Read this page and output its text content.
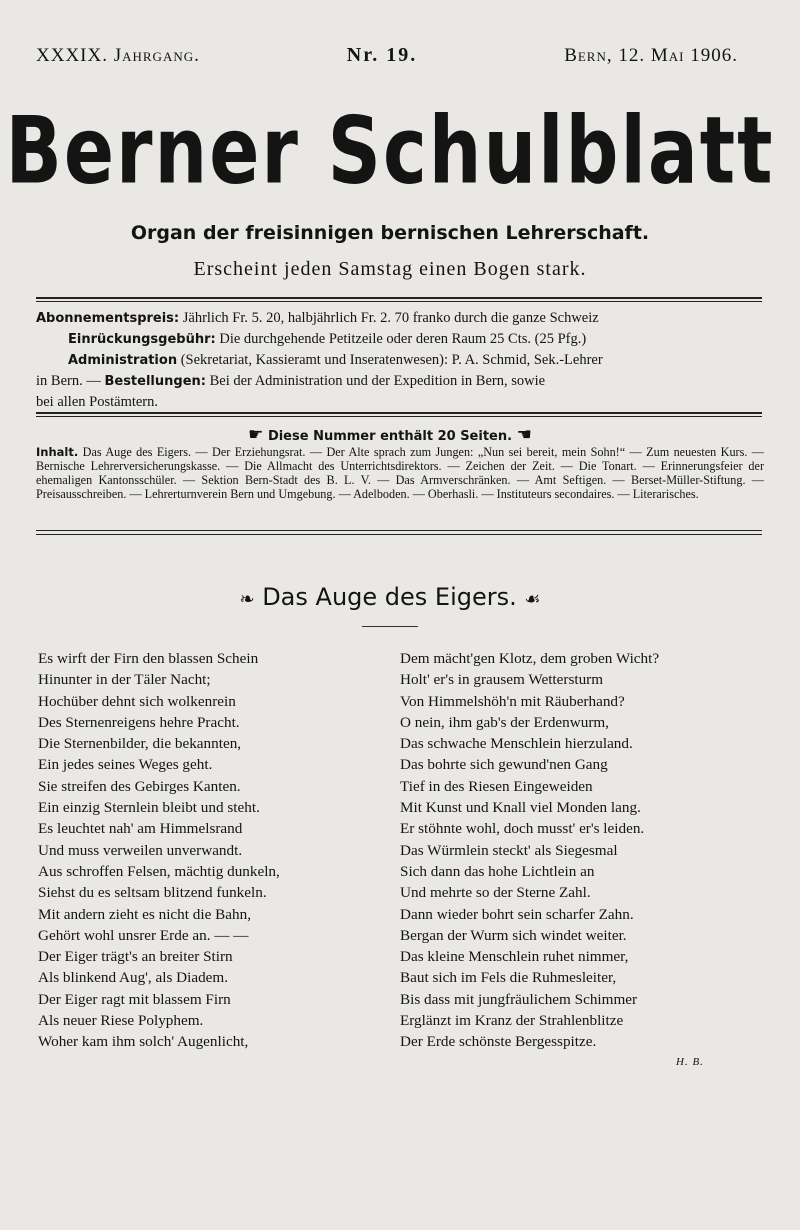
XXXIX. Jahrgang.	Nr. 19.	Bern, 12. Mai 1906.
Berner Schulblatt
Organ der freisinnigen bernischen Lehrerschaft.
Erscheint jeden Samstag einen Bogen stark.

Abonnementspreis: Jährlich Fr. 5. 20, halbjährlich Fr. 2. 70 franko durch die ganze Schweiz

Einrückungsgebühr: Die durchgehende Petitzeile oder deren Raum 25 Cts. (25 Pfg.)

Administration (Sekretariat, Kassieramt und Inseratenwesen): P. A. Schmid, Sek.-Lehrer

in Bern. — Bestellungen: Bei der Administration und der Expedition in Bern, sowie

bei allen Postämtern.

☛ Diese Nummer enthält 20 Seiten. ☚
Inhalt. Das Auge des Eigers. — Der Erziehungsrat. — Der Alte sprach zum Jungen: „Nun sei bereit, mein Sohn!“ — Zum neuesten Kurs. — Bernische Lehrerversicherungskasse. — Die Allmacht des Unterrichtsdirektors. — Zeichen der Zeit. — Die Tonart. — Erinnerungsfeier der ehemaligen Kantonsschüler. — Sektion Bern-Stadt des B. L. V. — Das Armverschränken. — Amt Seftigen. — Berset-Müller-Stiftung. — Preisausschreiben. — Lehrerturnverein Bern und Umgebung. — Adelboden. — Oberhasli. — Instituteurs secondaires. — Literarisches.
❧ Das Auge des Eigers. ☙
Es wirft der Firn den blassen Schein
Hinunter in der Täler Nacht;
Hochüber dehnt sich wolkenrein
Des Sternenreigens hehre Pracht.
Die Sternenbilder, die bekannten,
Ein jedes seines Weges geht.
Sie streifen des Gebirges Kanten.
Ein einzig Sternlein bleibt und steht.
Es leuchtet nah' am Himmelsrand
Und muss verweilen unverwandt.
Aus schroffen Felsen, mächtig dunkeln,
Siehst du es seltsam blitzend funkeln.
Mit andern zieht es nicht die Bahn,
Gehört wohl unsrer Erde an. — —
Der Eiger trägt's an breiter Stirn
Als blinkend Aug', als Diadem.
Der Eiger ragt mit blassem Firn
Als neuer Riese Polyphem.
Woher kam ihm solch' Augenlicht,
Dem mächt'gen Klotz, dem groben Wicht?
Holt' er's in grausem Wettersturm
Von Himmelshöh'n mit Räuberhand?
O nein, ihm gab's der Erdenwurm,
Das schwache Menschlein hierzuland.
Das bohrte sich gewund'nen Gang
Tief in des Riesen Eingeweiden
Mit Kunst und Knall viel Monden lang.
Er stöhnte wohl, doch musst' er's leiden.
Das Würmlein steckt' als Siegesmal
Sich dann das hohe Lichtlein an
Und mehrte so der Sterne Zahl.
Dann wieder bohrt sein scharfer Zahn.
Bergan der Wurm sich windet weiter.
Das kleine Menschlein ruhet nimmer,
Baut sich im Fels die Ruhmesleiter,
Bis dass mit jungfräulichem Schimmer
Erglänzt im Kranz der Strahlenblitze
Der Erde schönste Bergesspitze.
H. B.
